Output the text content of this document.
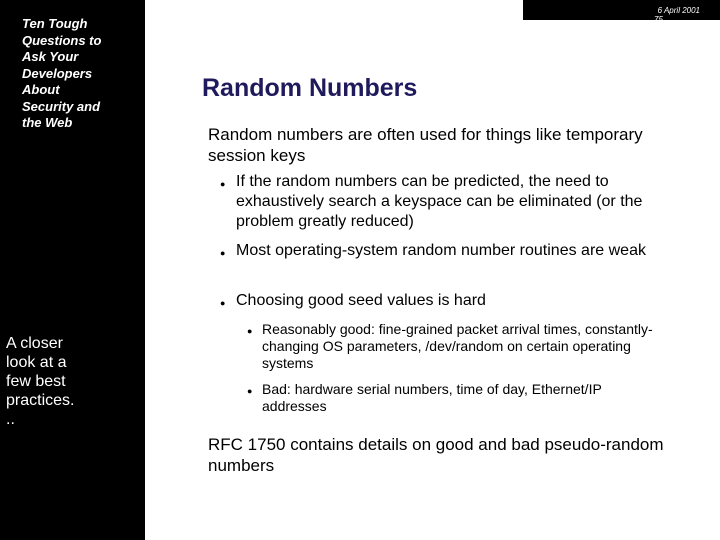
Ten Tough
Questions to
Ask Your
Developers
About
Security and
the Web
A closer
look at a
few best
practices.
..
6 April 2001
75
Random Numbers
Random numbers are often used for things like temporary session keys
● If the random numbers can be predicted, the need to exhaustively search a keyspace can be eliminated (or the problem greatly reduced)
● Most operating-system random number routines are weak
● Choosing good seed values is hard
● Reasonably good: fine-grained packet arrival times, constantly-changing OS parameters, /dev/random on certain operating systems
● Bad: hardware serial numbers, time of day, Ethernet/IP addresses
RFC 1750 contains details on good and bad pseudo-random numbers
